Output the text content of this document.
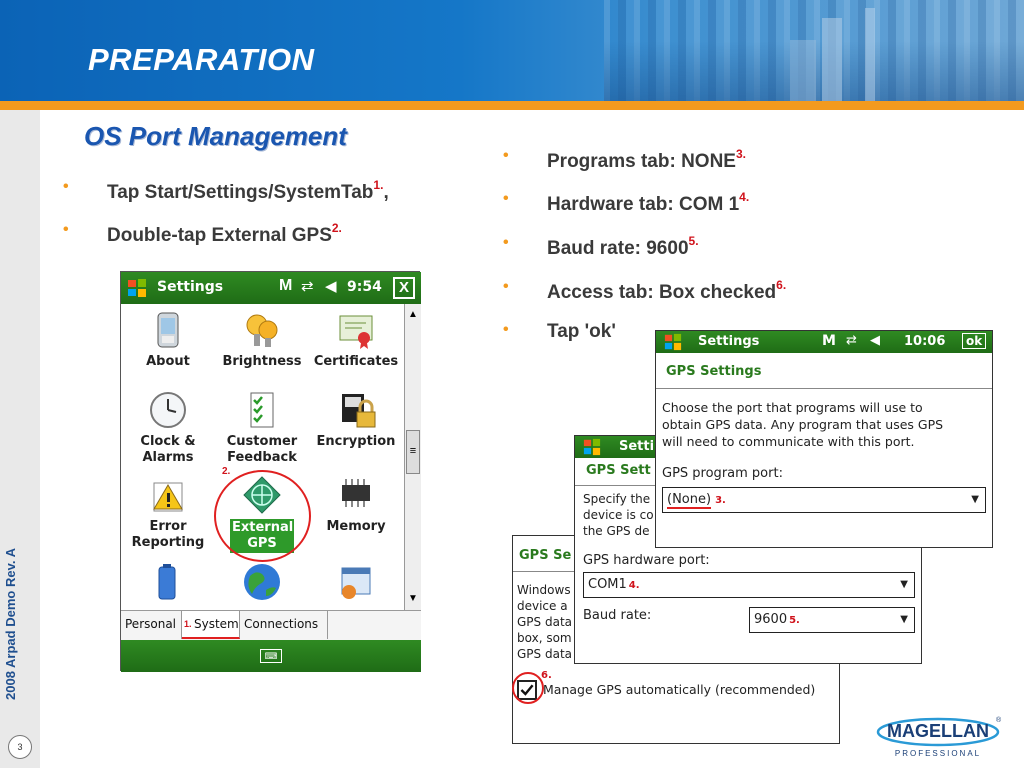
PREPARATION
2008 Arpad Demo Rev. A
3
OS Port Management
• Tap Start/Settings/SystemTab$^{1.}$,
• Double-tap External $GPS^{2.}$
• Programs tab: $NONE^{3.}$
• Hardware tab: COM $1^{4.}$
• Baud rate: $9600^{5.}$
• Access tab: Box checked$^{6.}$
• Tap 'ok'
Settings	M ⇄ ◀ 9:54	X
About	Brightness Certificates
Clock & Alarms
Customer Feedback
Encryption
Error Reporting
External GPS
Memory
2.
▲
≡
▼
Personal	System Connections
1.
⌨
GPS Se
Windows
device a
GPS data
box, som
GPS data
6.
Manage GPS automatically (recommended)
Setti
GPS Sett
Specify the
device is co
the GPS de
GPS hardware port:
COM1 4.	▼
Baud rate:	9600 5.	▼
Settings	M ⇄ ◀ 10:06	ok
GPS Settings
Choose the port that programs will use to
obtain GPS data. Any program that uses GPS
will need to communicate with this port.
GPS program port:
(None) 3.	▼
MAGELLAN
®
PROFESSIONAL
